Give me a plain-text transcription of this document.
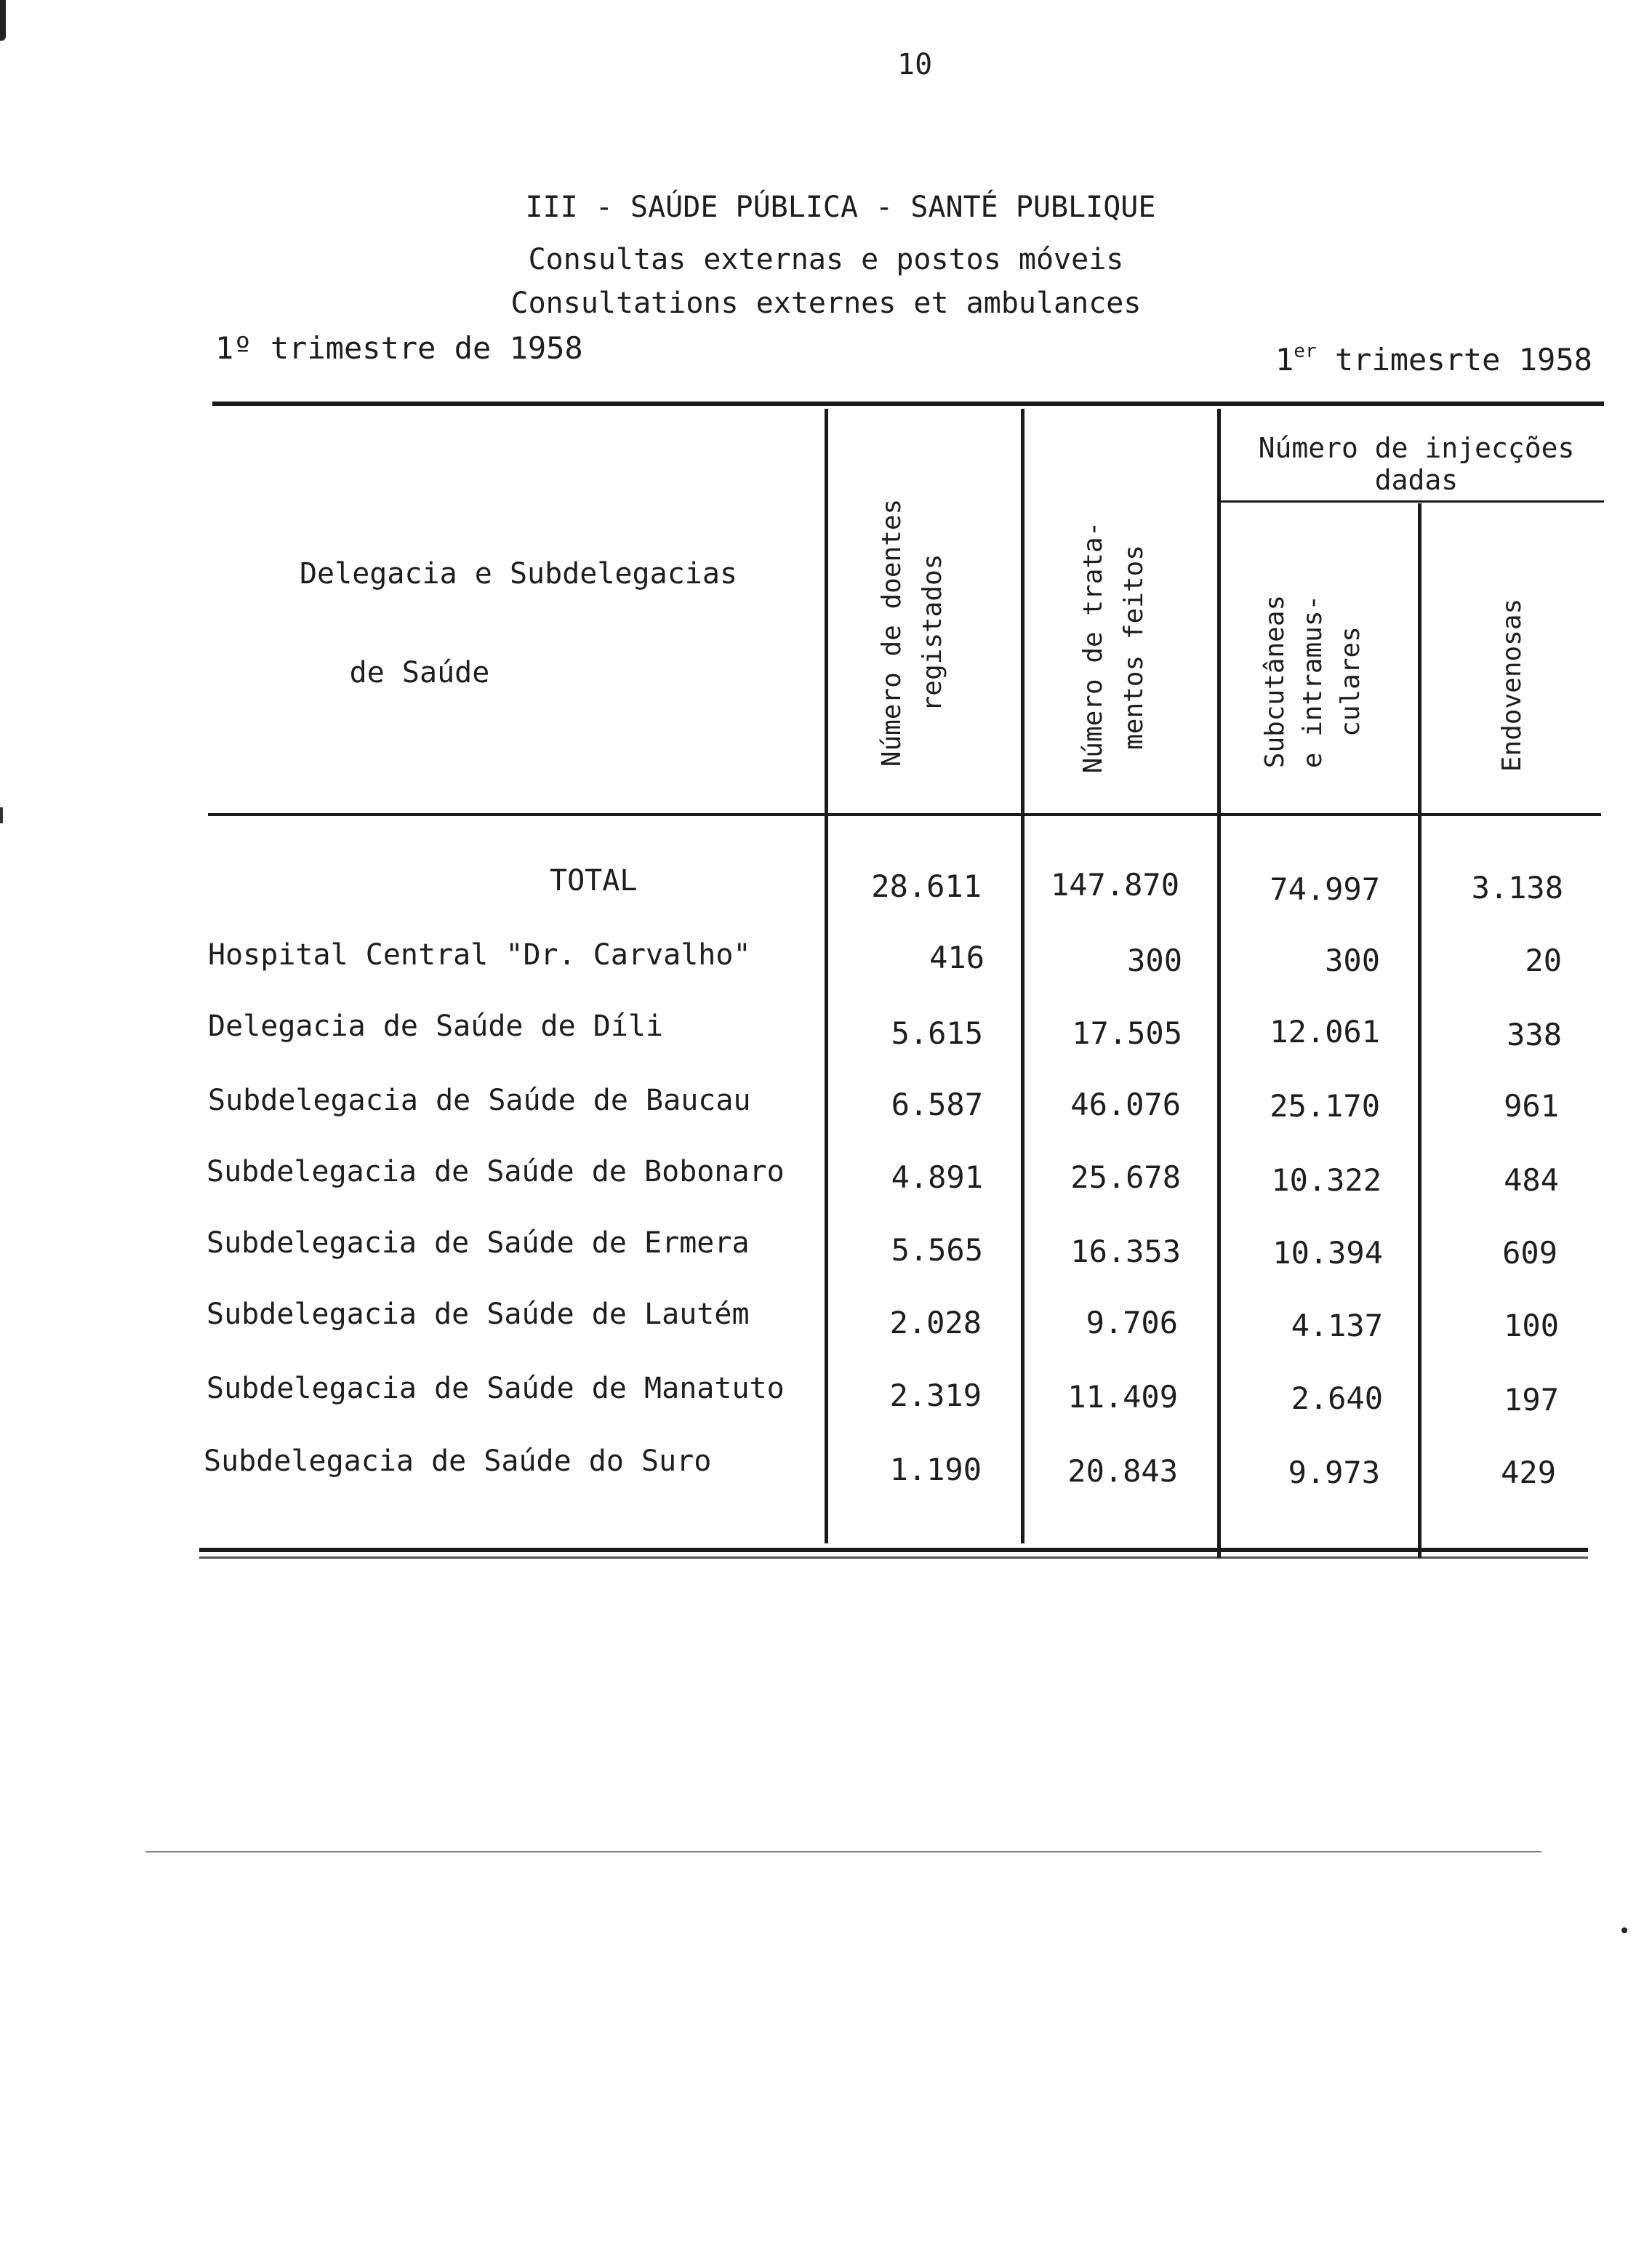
10
III - SAÚDE PÚBLICA - SANTÉ PUBLIQUE
Consultas externas e postos móveis
Consultations externes et ambulances
1º trimestre de 1958	1er trimesrte 1958
Delegacia e Subdelegacias
de Saúde	Número de doentes registados	Número de trata- mentos feitos
Número de injecções
dadas
Subcutâneas e intramus- culares	Endovenosas
TOTAL	28.611 147.870	74.997	3.138
Hospital Central "Dr. Carvalho"	416	300	300	20
Delegacia de Saúde de Díli	5.615	17.505	12.061	338
Subdelegacia de Saúde de Baucau	6.587	46.076	25.170	961
Subdelegacia de Saúde de Bobonaro	4.891	25.678	10.322	484
Subdelegacia de Saúde de Ermera	5.565	16.353	10.394	609
Subdelegacia de Saúde de Lautém	2.028	9.706	4.137	100
Subdelegacia de Saúde de Manatuto	2.319	11.409	2.640	197
Subdelegacia de Saúde do Suro	1.190	20.843	9.973	429
